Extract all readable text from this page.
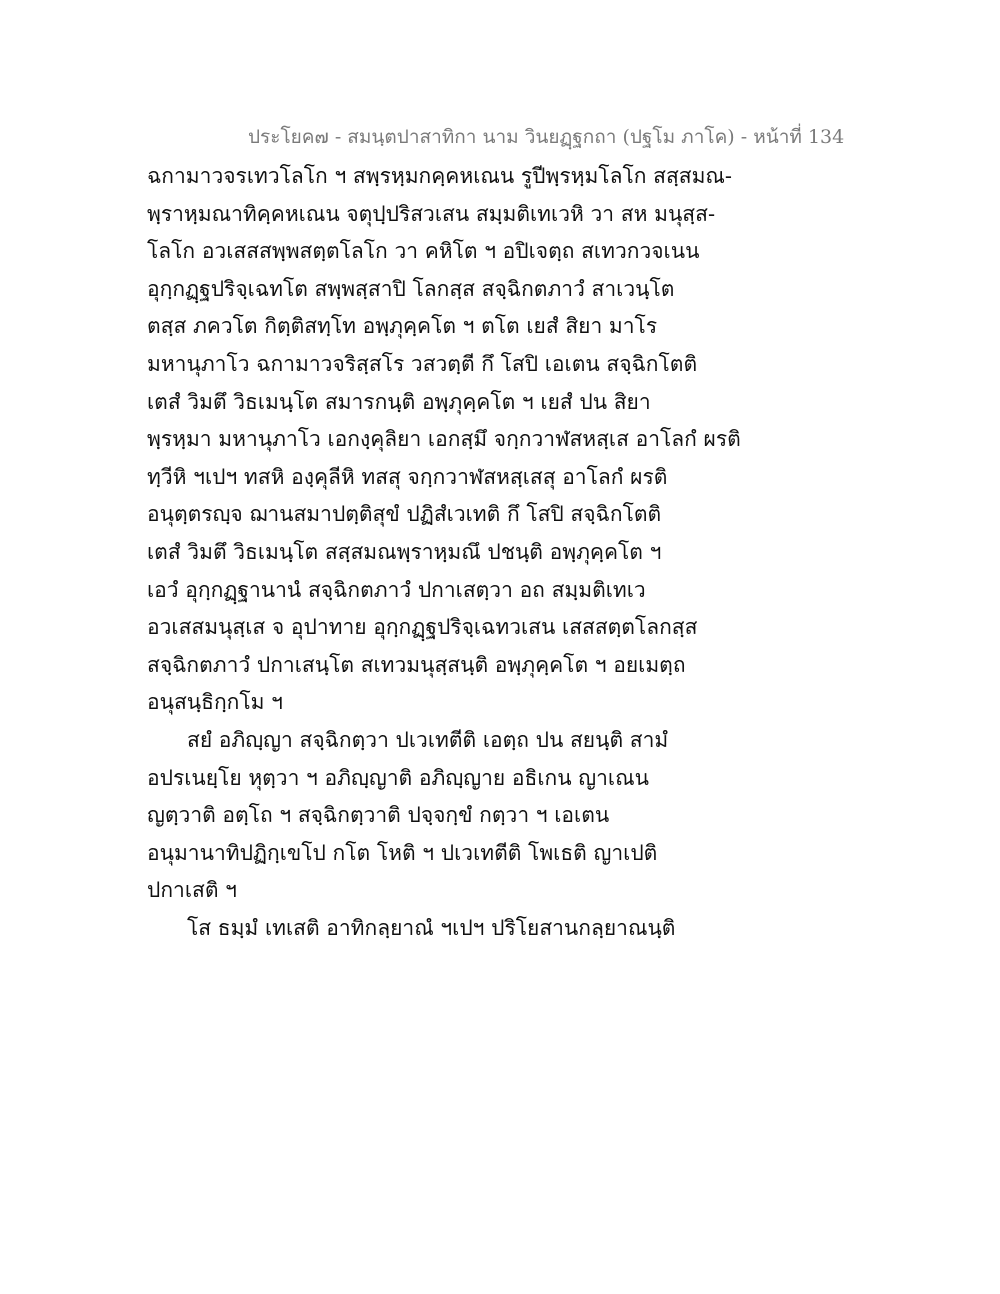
ประโยค๗ - สมนฺตปาสาทิกา นาม วินยฏฺฐกถา (ปฐโม ภาโค) - หน้าที่ 134
ฉกามาวจรเทวโลโก ฯ สพฺรหฺมกคฺคหเณน รูปีพฺรหฺมโลโก สสฺสมณ-
พฺราหฺมณาทิคฺคหเณน จตุปฺปริสวเสน สมฺมติเทเวหิ วา สห มนุสฺส-
โลโก อวเสสสพฺพสตฺตโลโก วา คหิโต ฯ อปิเจตฺถ สเทวกวจเนน
อุกฺกฏฺฐปริจฺเฉทโต สพฺพสฺสาปิ โลกสฺส สจฺฉิกตภาวํ สาเวนฺโต
ตสฺส ภควโต กิตฺติสทฺโท อพฺภุคฺคโต ฯ ตโต เยสํ สิยา มาโร
มหานุภาโว ฉกามาวจริสฺสโร วสวตฺตี กึ โสปิ เอเตน สจฺฉิกโตติ
เตสํ วิมตึ วิธเมนฺโต สมารกนฺติ อพฺภุคฺคโต ฯ เยสํ ปน สิยา
พฺรหฺมา มหานุภาโว เอกงฺคุลิยา เอกสฺมึ จกฺกวาฬสหสฺเส อาโลกํ ผรติ
ทฺวีหิ ฯเปฯ ทสหิ องฺคุลีหิ ทสสุ จกฺกวาฬสหสฺเสสุ อาโลกํ ผรติ
อนุตฺตรญฺจ ฌานสมาปตฺติสุขํ ปฏิสํเวเทติ กึ โสปิ สจฺฉิกโตติ
เตสํ วิมตึ วิธเมนฺโต สสฺสมณพฺราหฺมณึ ปชนฺติ อพฺภุคฺคโต ฯ
เอวํ อุกฺกฏฺฐานานํ สจฺฉิกตภาวํ ปกาเสตฺวา อถ สมฺมติเทเว
อวเสสมนุสฺเส จ อุปาทาย อุกฺกฏฺฐปริจฺเฉทวเสน เสสสตฺตโลกสฺส
สจฺฉิกตภาวํ ปกาเสนฺโต สเทวมนุสฺสนฺติ อพฺภุคฺคโต ฯ อยเมตฺถ
อนุสนฺธิกฺกโม ฯ
สยํ อภิญฺญา สจฺฉิกตฺวา ปเวเทตีติ เอตฺถ ปน สยนฺติ สามํ
อปรเนยฺโย หุตฺวา ฯ อภิญฺญาติ อภิญฺญาย อธิเกน ญาเณน
ญตฺวาติ อตฺโถ ฯ สจฺฉิกตฺวาติ ปจฺจกฺขํ กตฺวา ฯ เอเตน
อนุมานาทิปฏิกฺเขโป กโต โหติ ฯ ปเวเทตีติ โพเธติ ญาเปติ
ปกาเสติ ฯ
โส ธมฺมํ เทเสติ อาทิกลฺยาณํ ฯเปฯ ปริโยสานกลฺยาณนฺติ
